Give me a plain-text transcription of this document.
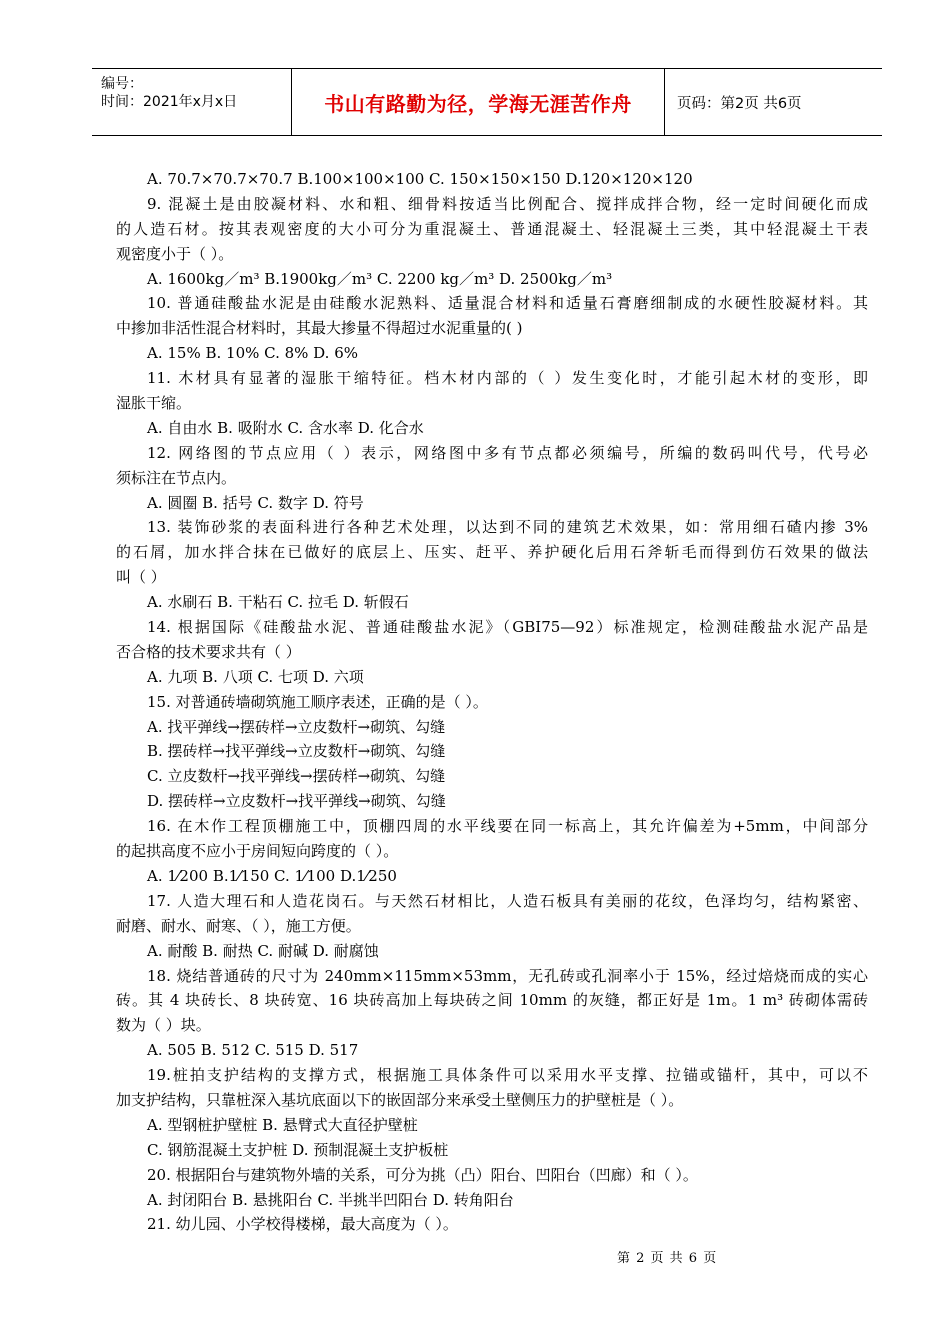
编号：
时间：2021年x月x日	书山有路勤为径，学海无涯苦作舟	页码：第2页 共6页
A. 70.7×70.7×70.7 B.100×100×100 C. 150×150×150 D.120×120×120
9. 混凝土是由胶凝材料、水和粗、细骨料按适当比例配合、搅拌成拌合物，经一定时间硬化而成
的人造石材。按其表观密度的大小可分为重混凝土、普通混凝土、轻混凝土三类，其中轻混凝土干表
观密度小于（ ）。
A. 1600kg／m³ B.1900kg／m³ C. 2200 kg／m³ D. 2500kg／m³
10. 普通硅酸盐水泥是由硅酸水泥熟料、适量混合材料和适量石膏磨细制成的水硬性胶凝材料。其
中掺加非活性混合材料时，其最大掺量不得超过水泥重量的( )
A. 15% B. 10% C. 8% D. 6%
11. 木材具有显著的湿胀干缩特征。档木材内部的（ ）发生变化时，才能引起木材的变形，即
湿胀干缩。
A. 自由水 B. 吸附水 C. 含水率 D. 化合水
12. 网络图的节点应用（ ）表示，网络图中多有节点都必须编号，所编的数码叫代号，代号必
须标注在节点内。
A. 圆圈 B. 括号 C. 数字 D. 符号
13. 装饰砂浆的表面科进行各种艺术处理，以达到不同的建筑艺术效果，如：常用细石碴内掺 3%
的石屑，加水拌合抹在已做好的底层上、压实、赶平、养护硬化后用石斧斩毛而得到仿石效果的做法
叫（ ）
A. 水刷石 B. 干粘石 C. 拉毛 D. 斩假石
14. 根据国际《硅酸盐水泥、普通硅酸盐水泥》（GBI75—92）标准规定，检测硅酸盐水泥产品是
否合格的技术要求共有（ ）
A. 九项 B. 八项 C. 七项 D. 六项
15. 对普通砖墙砌筑施工顺序表述，正确的是（ ）。
A. 找平弹线→摆砖样→立皮数杆→砌筑、勾缝
B. 摆砖样→找平弹线→立皮数杆→砌筑、勾缝
C. 立皮数杆→找平弹线→摆砖样→砌筑、勾缝
D. 摆砖样→立皮数杆→找平弹线→砌筑、勾缝
16. 在木作工程顶棚施工中，顶棚四周的水平线要在同一标高上，其允许偏差为+5mm，中间部分
的起拱高度不应小于房间短向跨度的（ ）。
A. 1⁄200 B.1⁄150 C. 1⁄100 D.1⁄250
17. 人造大理石和人造花岗石。与天然石材相比，人造石板具有美丽的花纹，色泽均匀，结构紧密、
耐磨、耐水、耐寒、（ ），施工方便。
A. 耐酸 B. 耐热 C. 耐碱 D. 耐腐蚀
18. 烧结普通砖的尺寸为 240mm×115mm×53mm，无孔砖或孔洞率小于 15%，经过焙烧而成的实心
砖。其 4 块砖长、8 块砖宽、16 块砖高加上每块砖之间 10mm 的灰缝，都正好是 1m。1 m³ 砖砌体需砖
数为（ ）块。
A. 505 B. 512 C. 515 D. 517
19.桩拍支护结构的支撑方式，根据施工具体条件可以采用水平支撑、拉锚或锚杆，其中，可以不
加支护结构，只靠桩深入基坑底面以下的嵌固部分来承受土壁侧压力的护壁桩是（ ）。
A. 型钢桩护壁桩 B. 悬臂式大直径护壁桩
C. 钢筋混凝土支护桩 D. 预制混凝土支护板桩
20. 根据阳台与建筑物外墙的关系，可分为挑（凸）阳台、凹阳台（凹廊）和（ ）。
A. 封闭阳台 B. 悬挑阳台 C. 半挑半凹阳台 D. 转角阳台
21. 幼儿园、小学校得楼梯，最大高度为（ ）。
第 2 页 共 6 页
